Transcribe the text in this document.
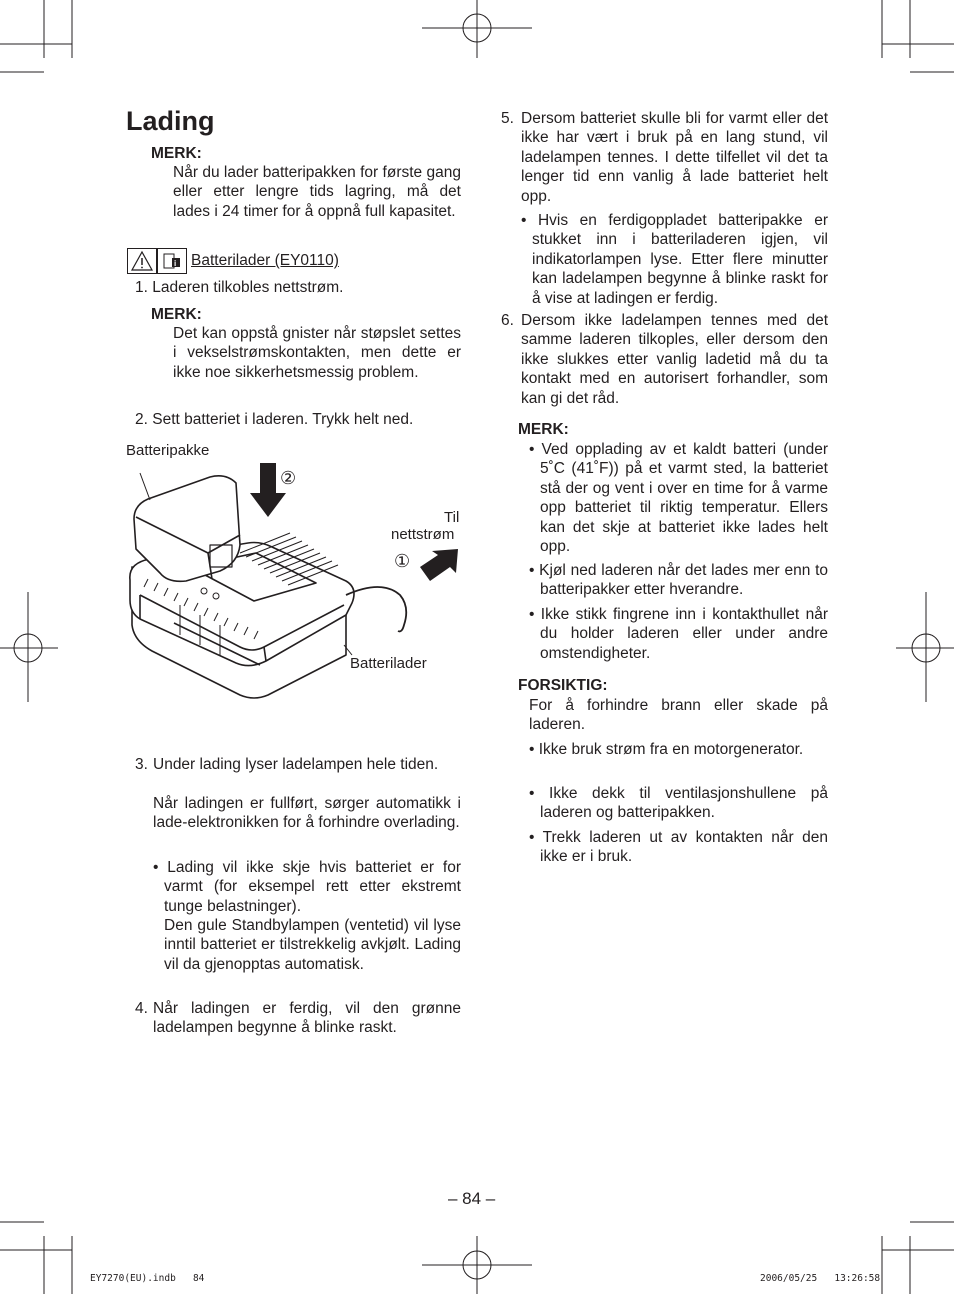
Lading
MERK:
Når du lader batteripakken for første gang eller etter lengre tids lagring, må det lades i 24 timer for å oppnå full kapasitet.
i Batterilader (EY0110)
1. Laderen tilkobles nettstrøm.
MERK:
Det kan oppstå gnister når støpslet settes i vekselstrømskontakten, men dette er ikke noe sikkerhetsmessig problem.
2. Sett batteriet i laderen. Trykk helt ned.
Batteripakke
Til
nettstrøm
Batterilader
②
①
3. Under lading lyser ladelampen hele tiden.
Når ladingen er fullført, sørger automatikk i lade-elektronikken for å forhindre overlading.
• Lading vil ikke skje hvis batteriet er for varmt (for eksempel rett etter ekstremt tunge belastninger).
Den gule Standbylampen (ventetid) vil lyse inntil batteriet er tilstrekkelig avkjølt. Lading vil da gjenopptas automatisk.
4. Når ladingen er ferdig, vil den grønne ladelampen begynne å blinke raskt.
5. Dersom batteriet skulle bli for varmt eller det ikke har vært i bruk på en lang stund, vil ladelampen tennes. I dette tilfellet vil det ta lenger tid enn vanlig å lade batteriet helt opp.
• Hvis en ferdigoppladet batteripakke er stukket inn i batteriladeren igjen, vil indikatorlampen lyse. Etter flere minutter kan ladelampen begynne å blinke raskt for å vise at ladingen er ferdig.
6. Dersom ikke ladelampen tennes med det samme laderen tilkoples, eller dersom den ikke slukkes etter vanlig ladetid må du ta kontakt med en autorisert forhandler, som kan gi det råd.
MERK:
• Ved opplading av et kaldt batteri (under 5˚C (41˚F)) på et varmt sted, la batteriet stå der og vent i over en time for å varme opp batteriet til riktig temperatur. Ellers kan det skje at batteriet ikke lades helt opp.
• Kjøl ned laderen når det lades mer enn to batteripakker etter hverandre.
• Ikke stikk fingrene inn i kontakthullet når du holder laderen eller under andre omstendigheter.
FORSIKTIG:
For å forhindre brann eller skade på laderen.
• Ikke bruk strøm fra en motorgenerator.
• Ikke dekk til ventilasjonshullene på laderen og batteripakken.
• Trekk laderen ut av kontakten når den ikke er i bruk.
– 84 –
EY7270(EU).indb   84	2006/05/25   13:26:58
